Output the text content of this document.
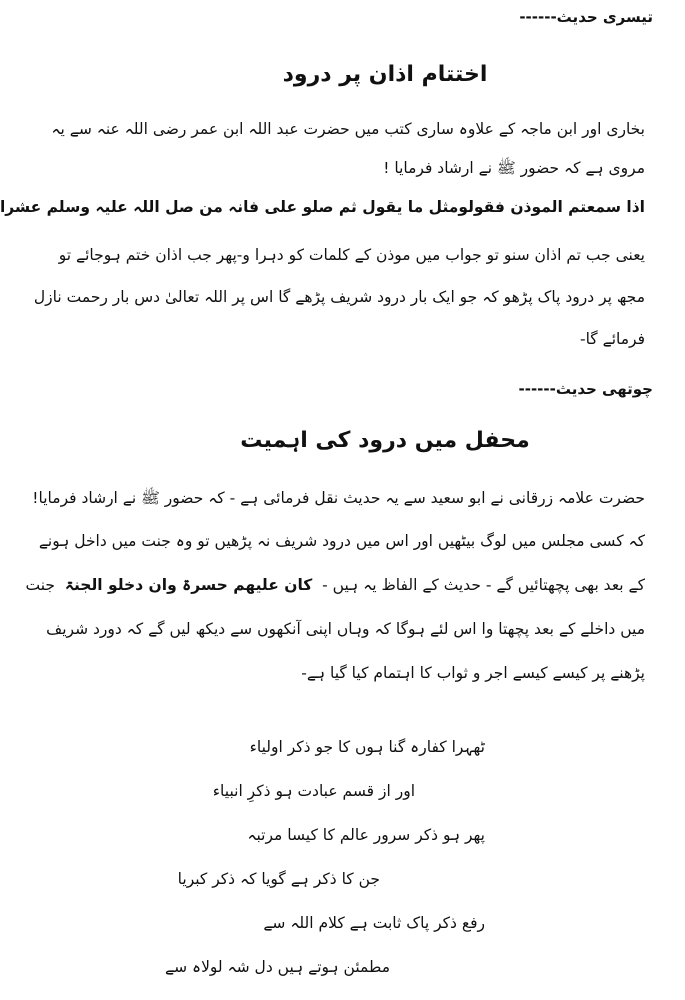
تیسری حدیث------

اختتام اذان پر درود

بخاری اور ابن ماجہ کے علاوہ ساری کتب میں حضرت عبد اللہ ابن عمر رضی اللہ عنہ سے یہ

مروی ہے کہ حضور ﷺ نے ارشاد فرمایا !

اذا سمعتم الموذن فقولومثل ما یقول ثم صلو علی فانہ من صل اللہ علیہ وسلم عشرا

یعنی جب تم اذان سنو تو جواب میں موذن کے کلمات کو دہرا و-پھر جب اذان ختم ہوجائے تو

مجھ پر درود پاک پڑھو کہ جو ایک بار درود شریف پڑھے گا اس پر اللہ تعالیٰ دس بار رحمت نازل

فرمائے گا-

چوتھی حدیث------

محفل میں درود کی اہمیت

حضرت علامہ زرقانی نے ابو سعید سے یہ حدیث نقل فرمائی ہے - کہ حضور ﷺ نے ارشاد فرمایا!

کہ کسی مجلس میں لوگ بیٹھیں اور اس میں درود شریف نہ پڑھیں تو وہ جنت میں داخل ہونے

کے بعد بھی پچھتائیں گے - حدیث کے الفاظ یہ ہیں -  کان علیھم حسرۃ وان دخلو الجنۃ  جنت

میں داخلے کے بعد پچھتا وا اس لئے ہوگا کہ وہاں اپنی آنکھوں سے دیکھ لیں گے کہ دورد شریف

پڑھنے پر کیسے کیسے اجر و ثواب کا اہتمام کیا گیا ہے-

ٹھہرا کفارہ گنا ہوں کا جو ذکر اولیاء

اور از قسم عبادت ہو ذکرِ انبیاء

پھر ہو ذکر سرور عالم کا کیسا مرتبہ

جن کا ذکر ہے گویا کہ ذکر کبریا

رفع ذکر پاک ثابت ہے کلام اللہ سے

مطمئن ہوتے ہیں دل شہ لولاہ سے
